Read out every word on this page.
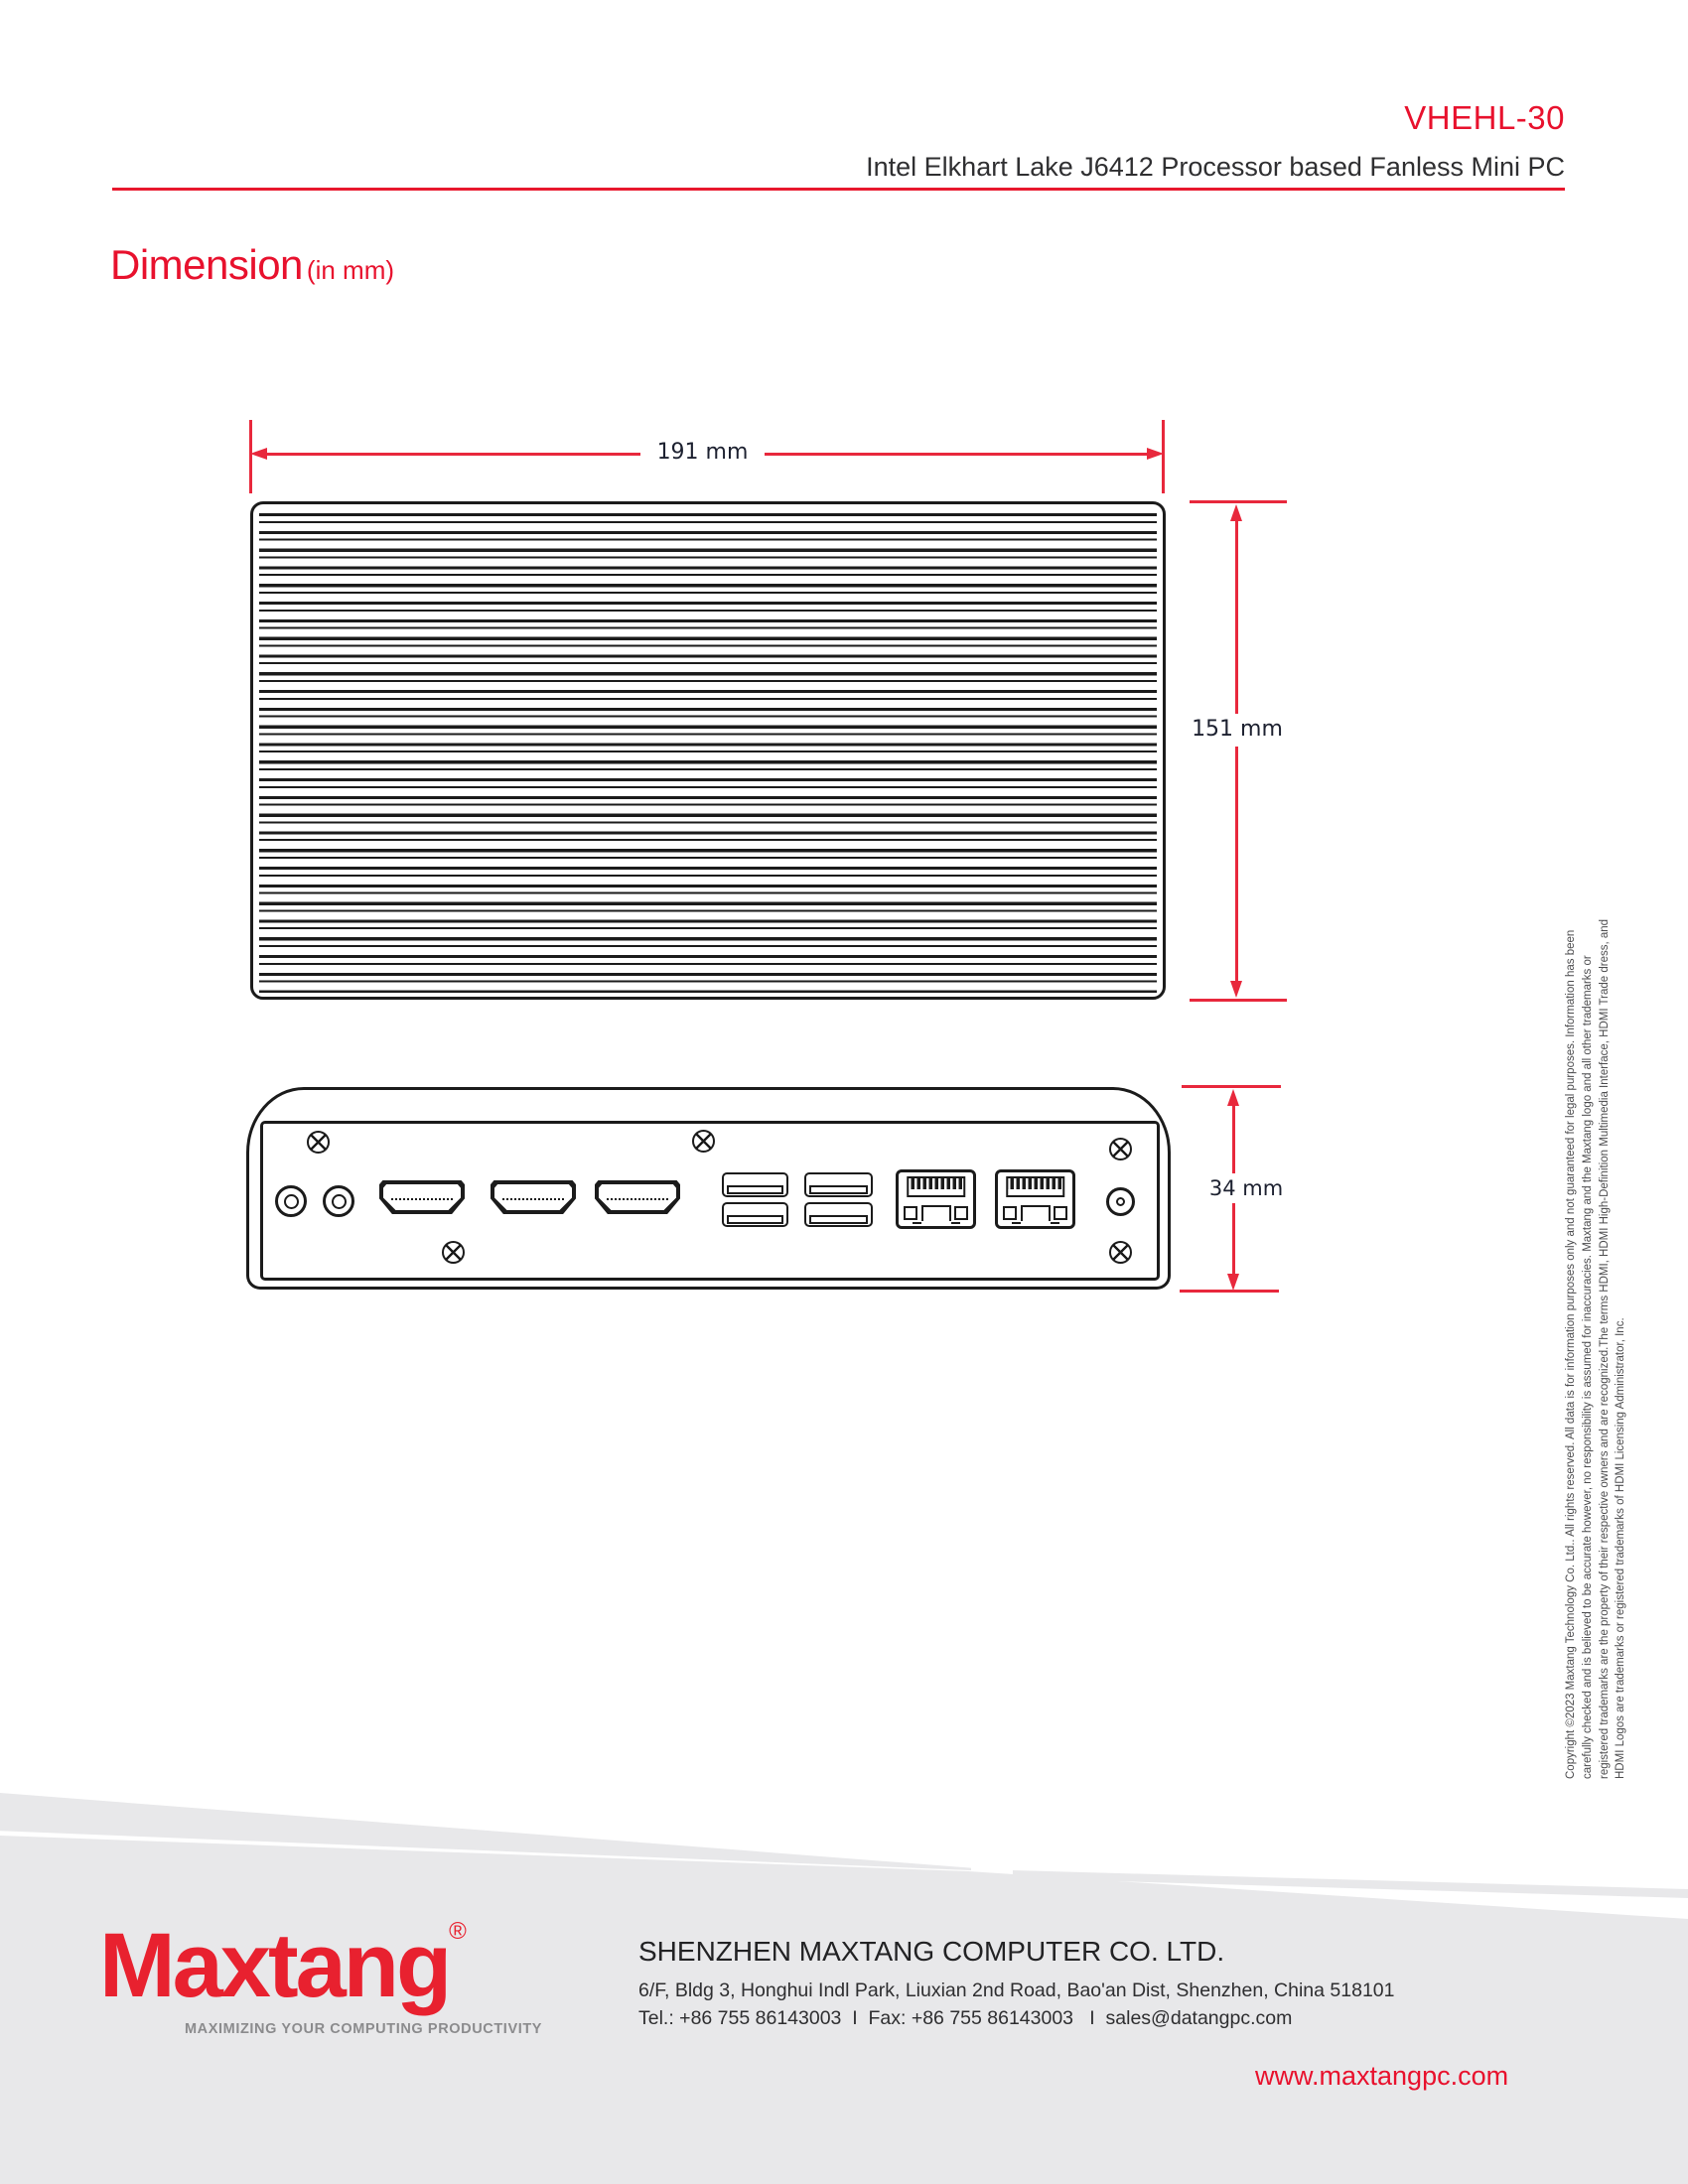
VHEHL-30
Intel Elkhart Lake J6412 Processor based Fanless Mini PC
Dimension (in mm)
191 mm
151 mm
34 mm	Copyright ©2023 Maxtang Technology Co. Ltd.. All rights reserved. All data is for information purposes only and not guaranteed for legal purposes. Information has been carefully checked and is believed to be accurate however, no responsibility is assumed for inaccuracies. Maxtang and the Maxtang logo and all other trademarks or registered trademarks are the property of their respective owners and are recognized.The terms HDMI, HDMI High-Definition Multimedia Interface, HDMI Trade dress, and HDMI Logos are trademarks or registered trademarks of HDMI Licensing Administrator, Inc.
Maxtang®
MAXIMIZING YOUR COMPUTING PRODUCTIVITY
SHENZHEN MAXTANG COMPUTER CO. LTD.
6/F, Bldg 3, Honghui Indl Park, Liuxian 2nd Road, Bao'an Dist, Shenzhen, China 518101
Tel.: +86 755 86143003  I  Fax: +86 755 86143003   I  sales@datangpc.com
www.maxtangpc.com
